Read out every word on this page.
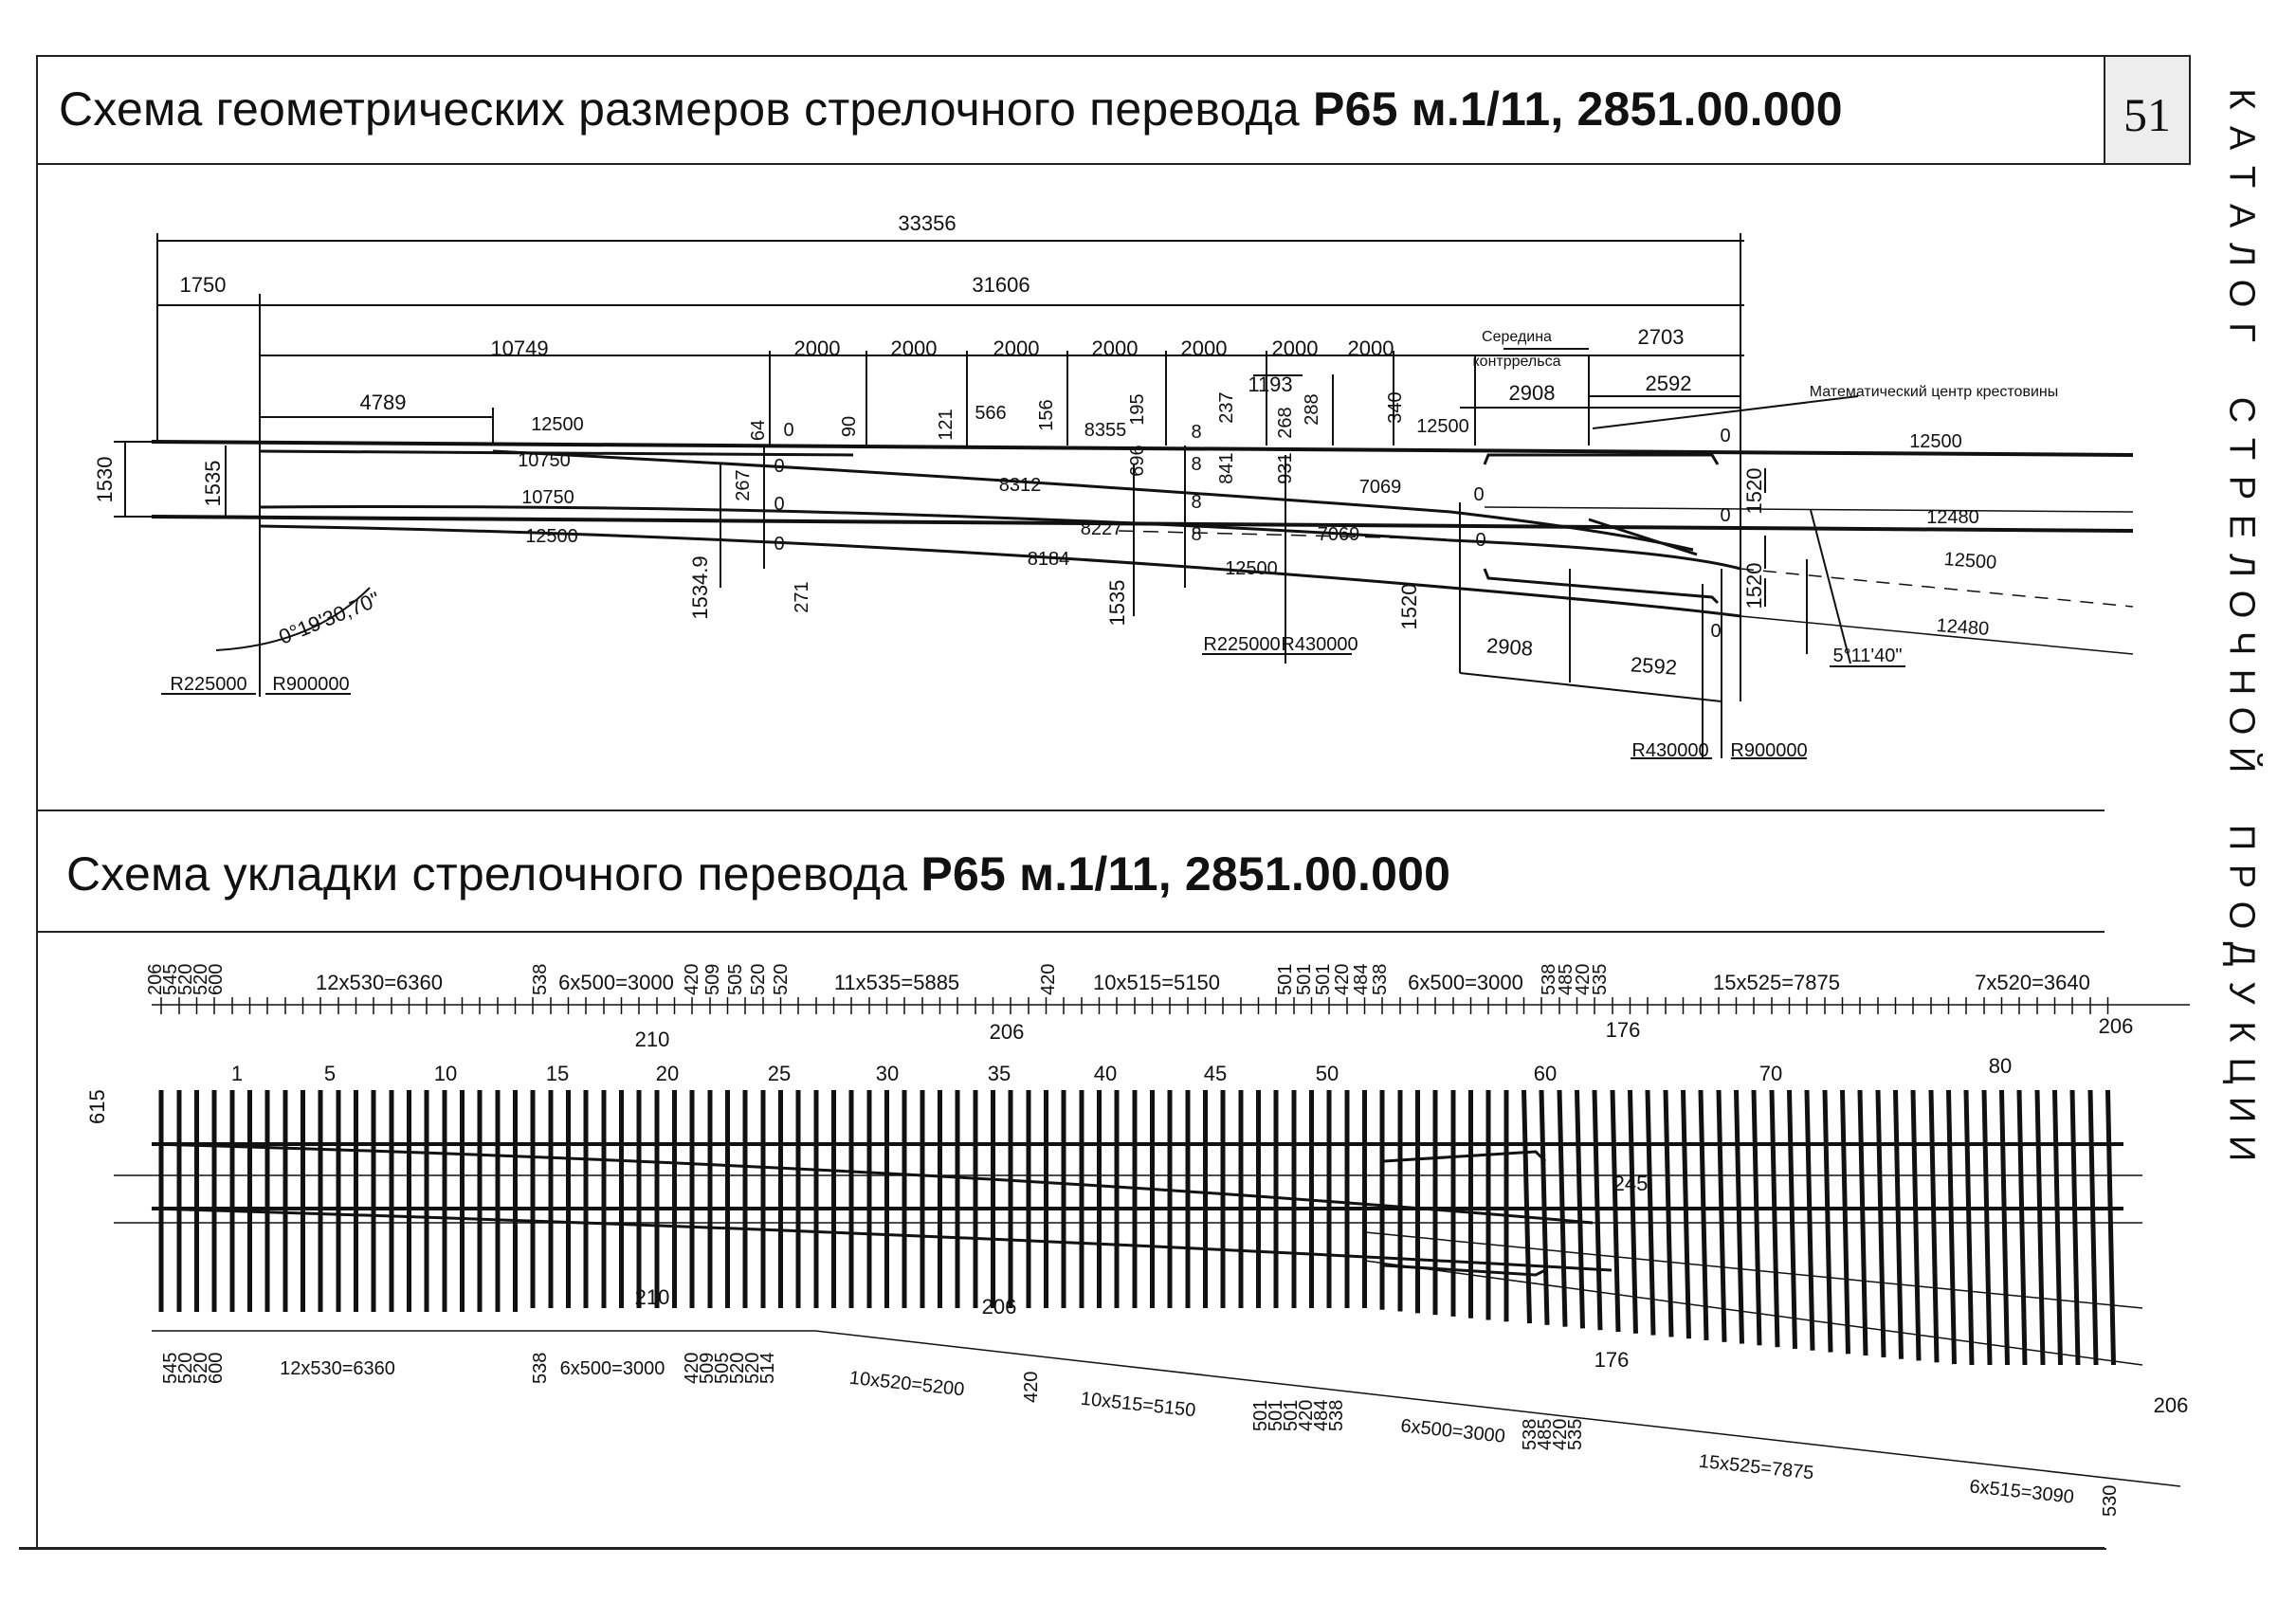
Схема геометрических размеров стрелочного перевода Р65 м.1/11, 2851.00.000	51	К
А
Т
А
Л
О
Г

С
Т
Р
Е
Л
О
Ч
Н
О
Й

П
Р
О
Д
У
К
Ц
И
И
Схема укладки стрелочного перевода Р65 м.1/11, 2851.00.000
33356
1750	31606
10749
4789
2000 2000	2000	2000 2000 2000 2000
1193
Середина
контррельса
2703
2908	2592	Математический центр крестовины
12500
10750
10750
12500
8355
566
8312	7069
8227	7069
8184	12500
12500
64	90	121	156	195	237 268 288	340
696	841 931
0
0
0
0
0
0
0
0
0
8
8
8
8
1530	1535
1534.9
267
271	1535	1520
1520
1520
0°19'30,70"
R225000 R900000
R225000 R430000
R430000 R900000
2908
2592
12500
12480
12500
12480
5°11'40"
206
545
520
520
600	12x530=6360	538 6x500=3000 420 509 505 520 520 11x535=5885	420 10x515=5150	501
501
501
420
484
538 6x500=3000 538
485
420
535	15x525=7875	7x520=3640
210	206	176	206
245
210	206
176
206
1	5	10	15	20	25	30	35	40	45	50	60	70	80
615
545
520
520
600	12x530=6360	538 6x500=3000 420
509
505
520
520
514	10x520=5200	420
10x515=5150	501
501
501
420
484
538	6x500=3000 538
485
420
535
15x525=7875
6x515=3090 530
